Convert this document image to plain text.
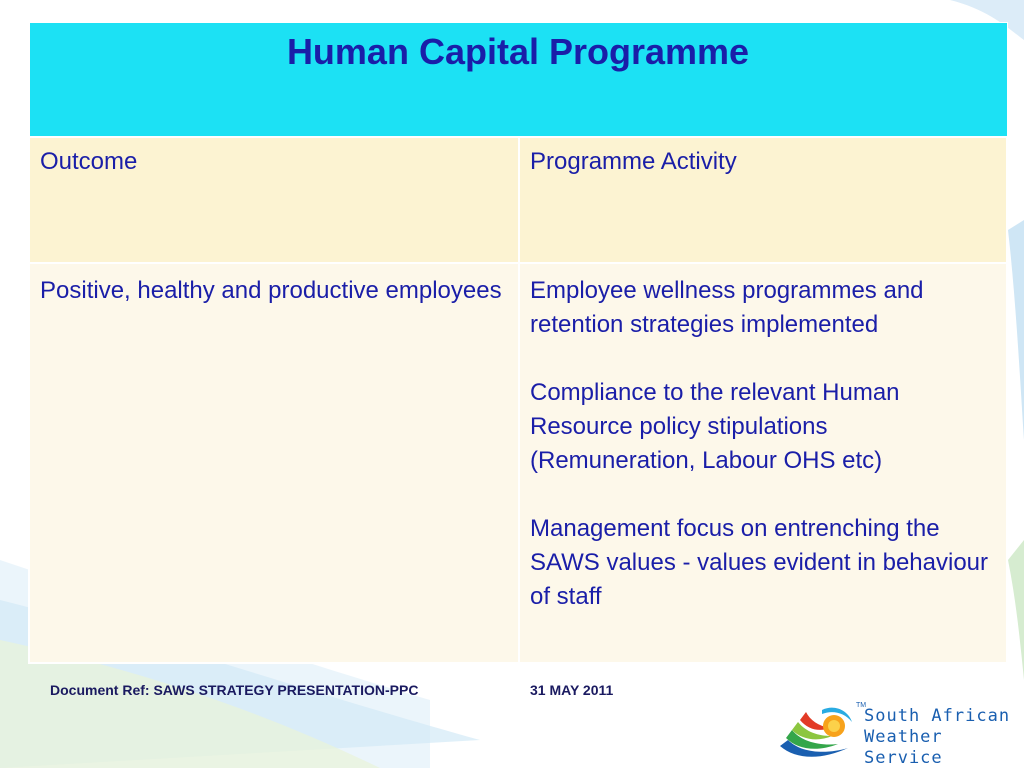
Human Capital Programme	

Outcome	Programme Activity

Positive, healthy and productive employees	Employee wellness programmes and retention strategies implemented
Compliance to the relevant Human Resource policy stipulations (Remuneration, Labour OHS etc)
Management focus on entrenching the SAWS values - values evident in behaviour of staff
Document Ref: SAWS STRATEGY PRESENTATION-PPC	31 MAY 2011
TM
South African
Weather Service
